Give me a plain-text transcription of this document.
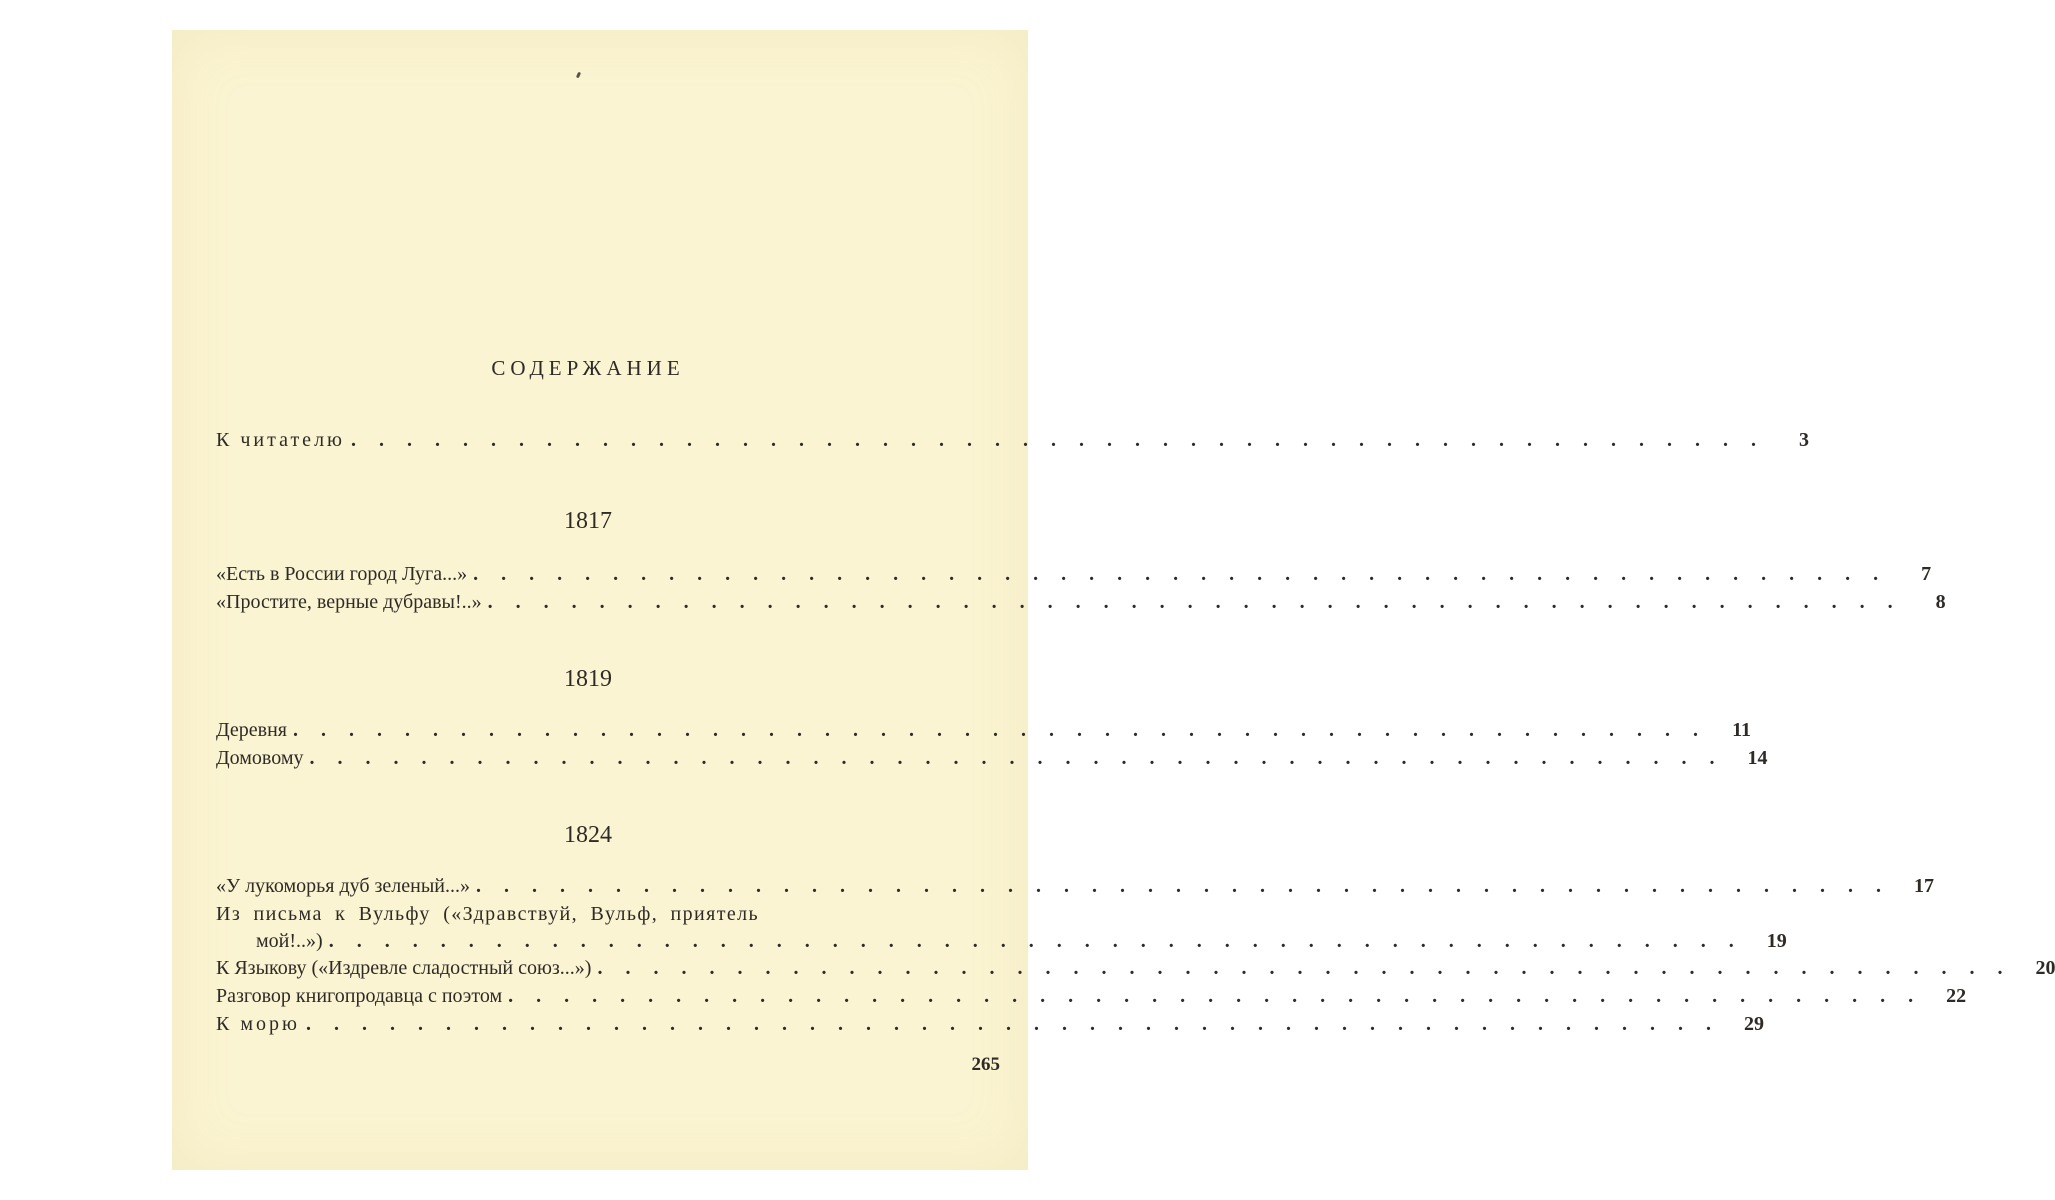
СОДЕРЖАНИЕ
К читателю . . . . . . . . . . . . . . . . . . . . . . . . . . . . . . . . . . . . . . . . . . . . . . . . . . .	3
1817
«Есть в России город Луга...» . . . . . . . . . . . . . . . . . . . . . . . . . . . . . . . . . . . . . . . . . . . . . . . . . . .	7
«Простите, верные дубравы!..» . . . . . . . . . . . . . . . . . . . . . . . . . . . . . . . . . . . . . . . . . . . . . . . . . . .	8
1819
Деревня . . . . . . . . . . . . . . . . . . . . . . . . . . . . . . . . . . . . . . . . . . . . . . . . . . .	11
Домовому . . . . . . . . . . . . . . . . . . . . . . . . . . . . . . . . . . . . . . . . . . . . . . . . . . .	14
1824
«У лукоморья дуб зеленый...» . . . . . . . . . . . . . . . . . . . . . . . . . . . . . . . . . . . . . . . . . . . . . . . . . . .	17
Из письма к Вульфу («Здравствуй, Вульф, приятель
мой!..») . . . . . . . . . . . . . . . . . . . . . . . . . . . . . . . . . . . . . . . . . . . . . . . . . . .	19
К Языкову («Издревле сладостный союз...») . . . . . . . . . . . . . . . . . . . . . . . . . . . . . . . . . . . . . . . . . . . . . . . . . . .	20
Разговор книгопродавца с поэтом . . . . . . . . . . . . . . . . . . . . . . . . . . . . . . . . . . . . . . . . . . . . . . . . . . .	22
К морю . . . . . . . . . . . . . . . . . . . . . . . . . . . . . . . . . . . . . . . . . . . . . . . . . . .	29
265
